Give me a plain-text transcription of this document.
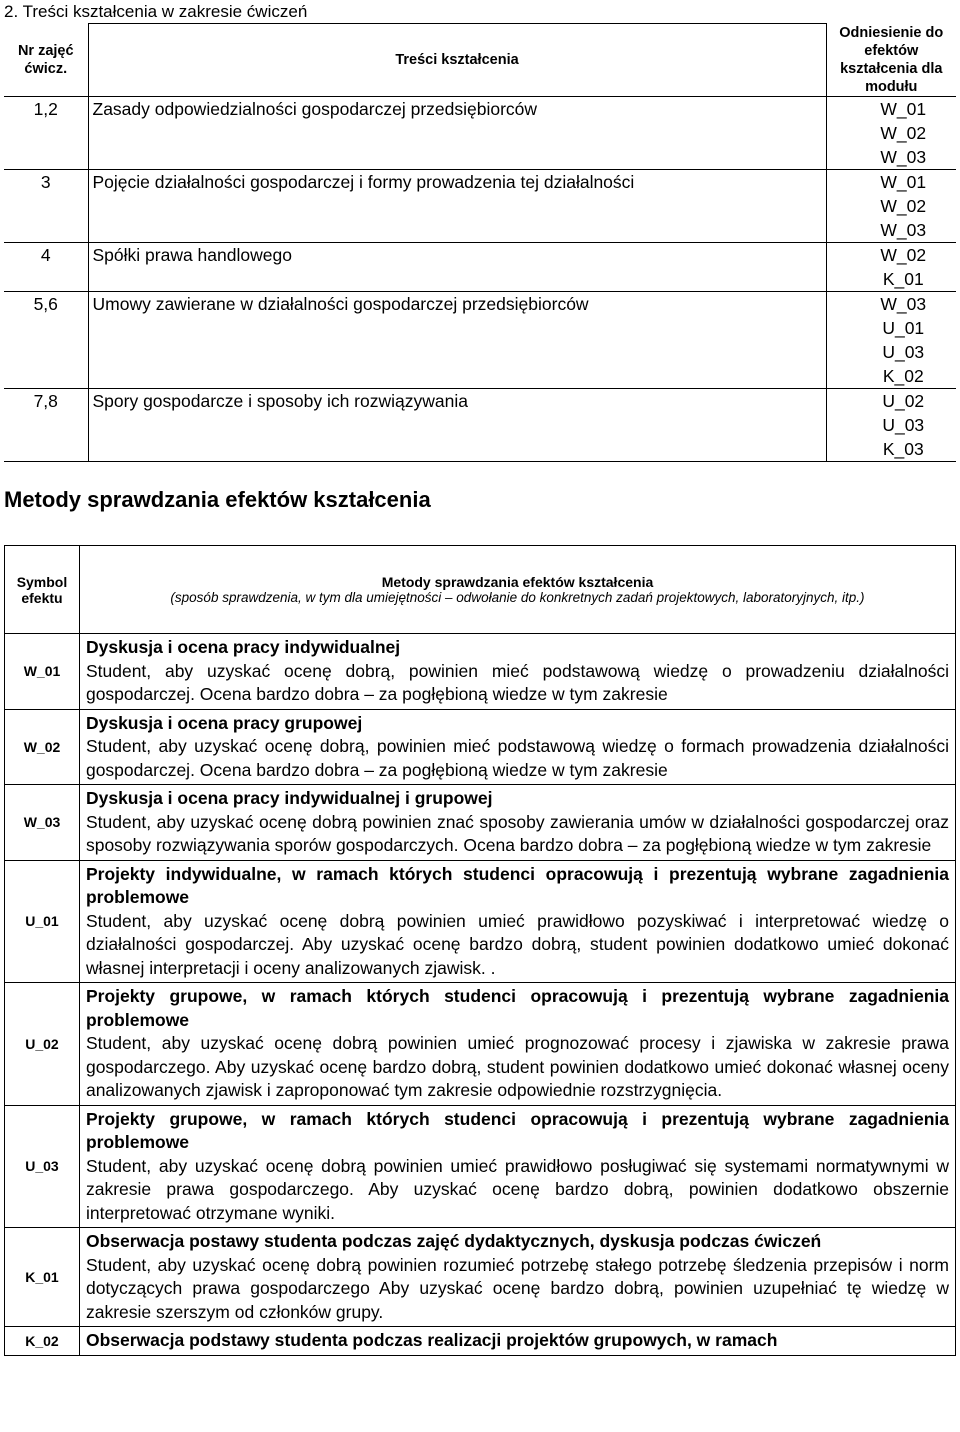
2. Treści kształcenia w zakresie ćwiczeń
Nr zajęć ćwicz.	Treści kształcenia	Odniesienie do efektów kształcenia dla modułu
1,2	Zasady odpowiedzialności gospodarczej przedsiębiorców	W_01
W_02
W_03

3	Pojęcie działalności gospodarczej i formy prowadzenia tej działalności	W_01
W_02
W_03

4	Spółki prawa handlowego	W_02
K_01

5,6	Umowy zawierane w działalności gospodarczej przedsiębiorców	W_03
U_01
U_03
K_02

7,8	Spory gospodarcze i sposoby ich rozwiązywania	U_02
U_03
K_03
Metody sprawdzania efektów kształcenia
Symbol efektu	Metody sprawdzania efektów kształcenia
(sposób sprawdzenia, w tym dla umiejętności – odwołanie do konkretnych zadań projektowych, laboratoryjnych, itp.)

W_01	Dyskusja i ocena pracy indywidualnej
Student, aby uzyskać ocenę dobrą, powinien mieć podstawową wiedzę o prowadzeniu działalności gospodarczej. Ocena bardzo dobra – za pogłębioną wiedze w tym zakresie
W_02	Dyskusja i ocena pracy grupowej
Student, aby uzyskać ocenę dobrą, powinien mieć podstawową wiedzę o formach prowadzenia działalności gospodarczej. Ocena bardzo dobra – za pogłębioną wiedze w tym zakresie
W_03	Dyskusja i ocena pracy indywidualnej i grupowej
Student, aby uzyskać ocenę dobrą powinien znać sposoby zawierania umów w działalności gospodarczej oraz sposoby rozwiązywania sporów gospodarczych. Ocena bardzo dobra – za pogłębioną wiedze w tym zakresie
U_01	Projekty indywidualne, w ramach których studenci opracowują i prezentują wybrane zagadnienia problemowe
Student, aby uzyskać ocenę dobrą powinien umieć prawidłowo pozyskiwać i interpretować wiedzę o działalności gospodarczej. Aby uzyskać ocenę bardzo dobrą, student powinien dodatkowo umieć dokonać własnej interpretacji i oceny analizowanych zjawisk. .
U_02	Projekty grupowe, w ramach których studenci opracowują i prezentują wybrane zagadnienia problemowe
Student, aby uzyskać ocenę dobrą powinien umieć prognozować procesy i zjawiska w zakresie prawa gospodarczego. Aby uzyskać ocenę bardzo dobrą, student powinien dodatkowo umieć dokonać własnej oceny analizowanych zjawisk i zaproponować tym zakresie odpowiednie rozstrzygnięcia.
U_03	Projekty grupowe, w ramach których studenci opracowują i prezentują wybrane zagadnienia problemowe
Student, aby uzyskać ocenę dobrą powinien umieć prawidłowo posługiwać się systemami normatywnymi w zakresie prawa gospodarczego. Aby uzyskać ocenę bardzo dobrą, powinien dodatkowo obszernie interpretować otrzymane wyniki.
K_01	Obserwacja postawy studenta podczas zajęć dydaktycznych, dyskusja podczas ćwiczeń
Student, aby uzyskać ocenę dobrą powinien rozumieć potrzebę stałego potrzebę śledzenia przepisów i norm dotyczących prawa gospodarczego Aby uzyskać ocenę bardzo dobrą, powinien uzupełniać tę wiedzę w zakresie szerszym od członków grupy.
K_02	Obserwacja podstawy studenta podczas realizacji projektów grupowych, w ramach
